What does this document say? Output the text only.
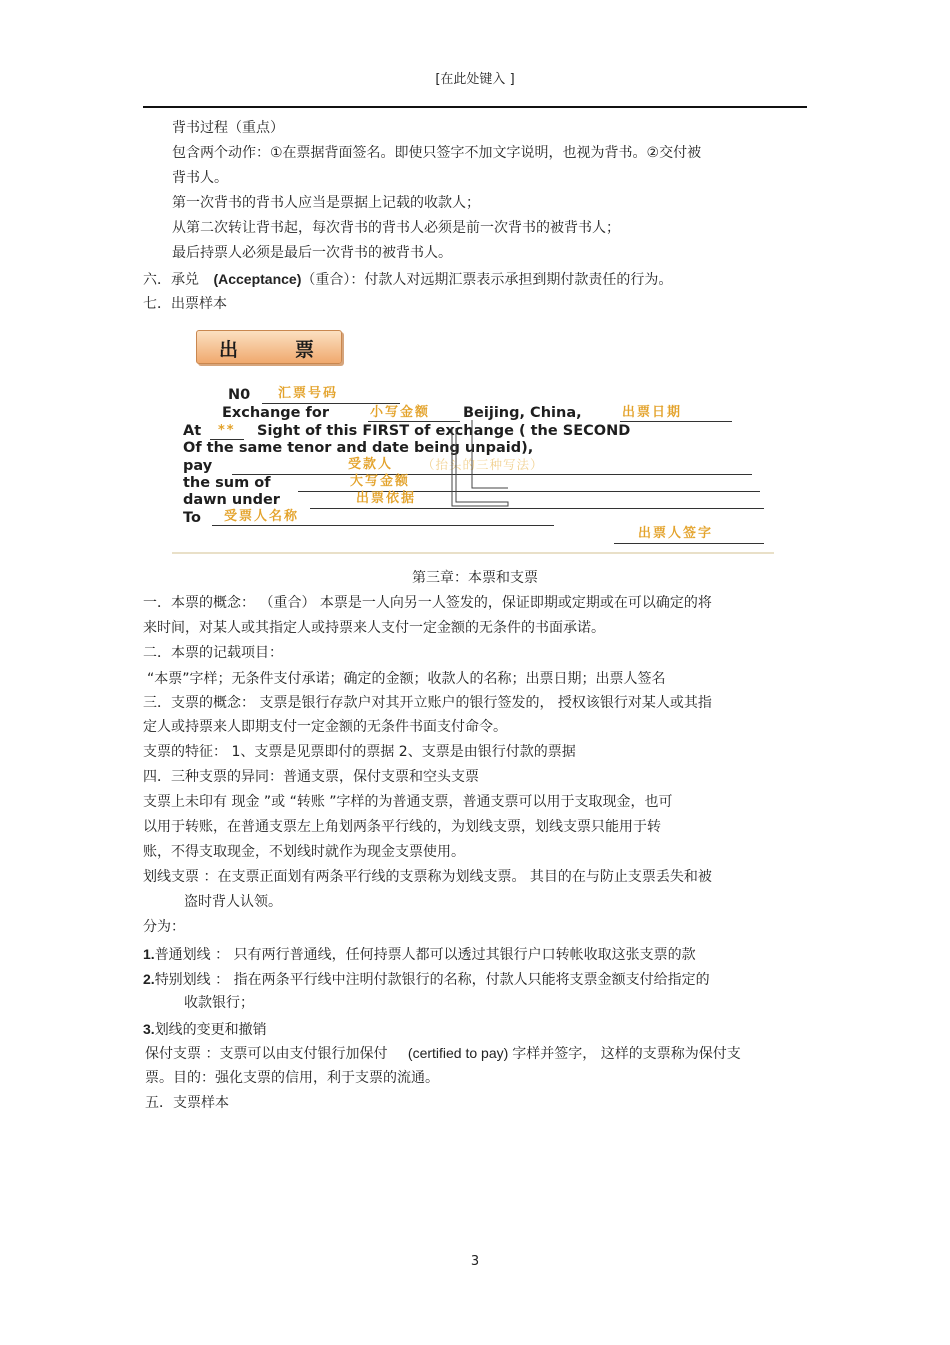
[在此处键入 ]
背书过程（重点）
包含两个动作：①在票据背面签名。即使只签字不加文字说明，也视为背书。②交付被
背书人。
第一次背书的背书人应当是票据上记载的收款人；
从第二次转让背书起，每次背书的背书人必须是前一次背书的被背书人；
最后持票人必须是最后一次背书的被背书人。
六．承兑 (Acceptance)（重合）：付款人对远期汇票表示承担到期付款责任的行为。
七．出票样本
出	票
N0 汇票号码
Exchange for	小写金额 Beijing, China,	出票日期
At ** Sight of this FIRST of exchange ( the SECOND
Of the same tenor and date being unpaid),
pay	受款人 （抬头的三种写法）
the sum of	大写金额
dawn under	出票依据
To 受票人名称
出票人签字
第三章：本票和支票
一．本票的概念： （重合） 本票是一人向另一人签发的，保证即期或定期或在可以确定的将
来时间，对某人或其指定人或持票来人支付一定金额的无条件的书面承诺。
二．本票的记载项目：
“本票”字样；无条件支付承诺；确定的金额；收款人的名称；出票日期；出票人签名
三．支票的概念： 支票是银行存款户对其开立账户的银行签发的， 授权该银行对某人或其指
定人或持票来人即期支付一定金额的无条件书面支付命令。
支票的特征： 1、支票是见票即付的票据 2、支票是由银行付款的票据
四．三种支票的异同：普通支票，保付支票和空头支票
支票上未印有 现金 ”或 “转账 ”字样的为普通支票，普通支票可以用于支取现金，也可
以用于转账，在普通支票左上角划两条平行线的，为划线支票，划线支票只能用于转
账，不得支取现金，不划线时就作为现金支票使用。
划线支票 ：在支票正面划有两条平行线的支票称为划线支票。 其目的在与防止支票丢失和被
盗时背人认领。
分为：
1.普通划线 ： 只有两行普通线，任何持票人都可以透过其银行户口转帐收取这张支票的款
2.特别划线 ： 指在两条平行线中注明付款银行的名称，付款人只能将支票金额支付给指定的
收款银行；
3.划线的变更和撤销
保付支票 ：支票可以由支付银行加保付 (certified to pay) 字样并签字， 这样的支票称为保付支
票。目的：强化支票的信用，利于支票的流通。
五．支票样本
3
